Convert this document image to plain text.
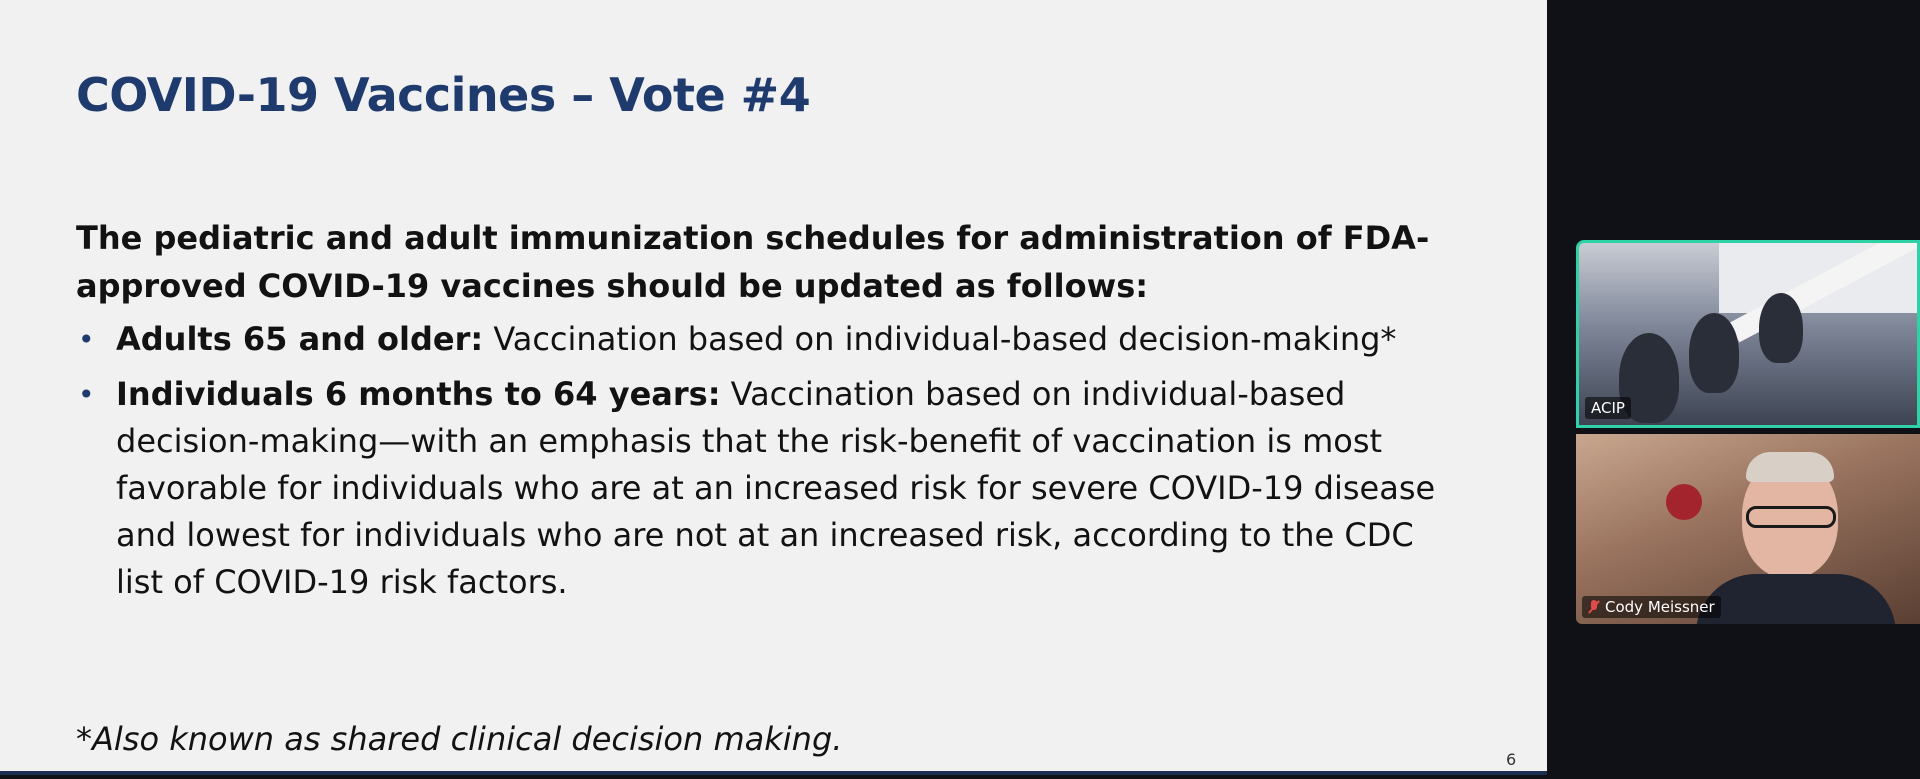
COVID-19 Vaccines – Vote #4

The pediatric and adult immunization schedules for administration of FDA-approved COVID-19 vaccines should be updated as follows:

• Adults 65 and older: Vaccination based on individual-based decision-making*
• Individuals 6 months to 64 years: Vaccination based on individual-based decision-making—with an emphasis that the risk-benefit of vaccination is most favorable for individuals who are at an increased risk for severe COVID-19 disease and lowest for individuals who are not at an increased risk, according to the CDC list of COVID-19 risk factors.

*Also known as shared clinical decision making.

6
ACIP
Cody Meissner
